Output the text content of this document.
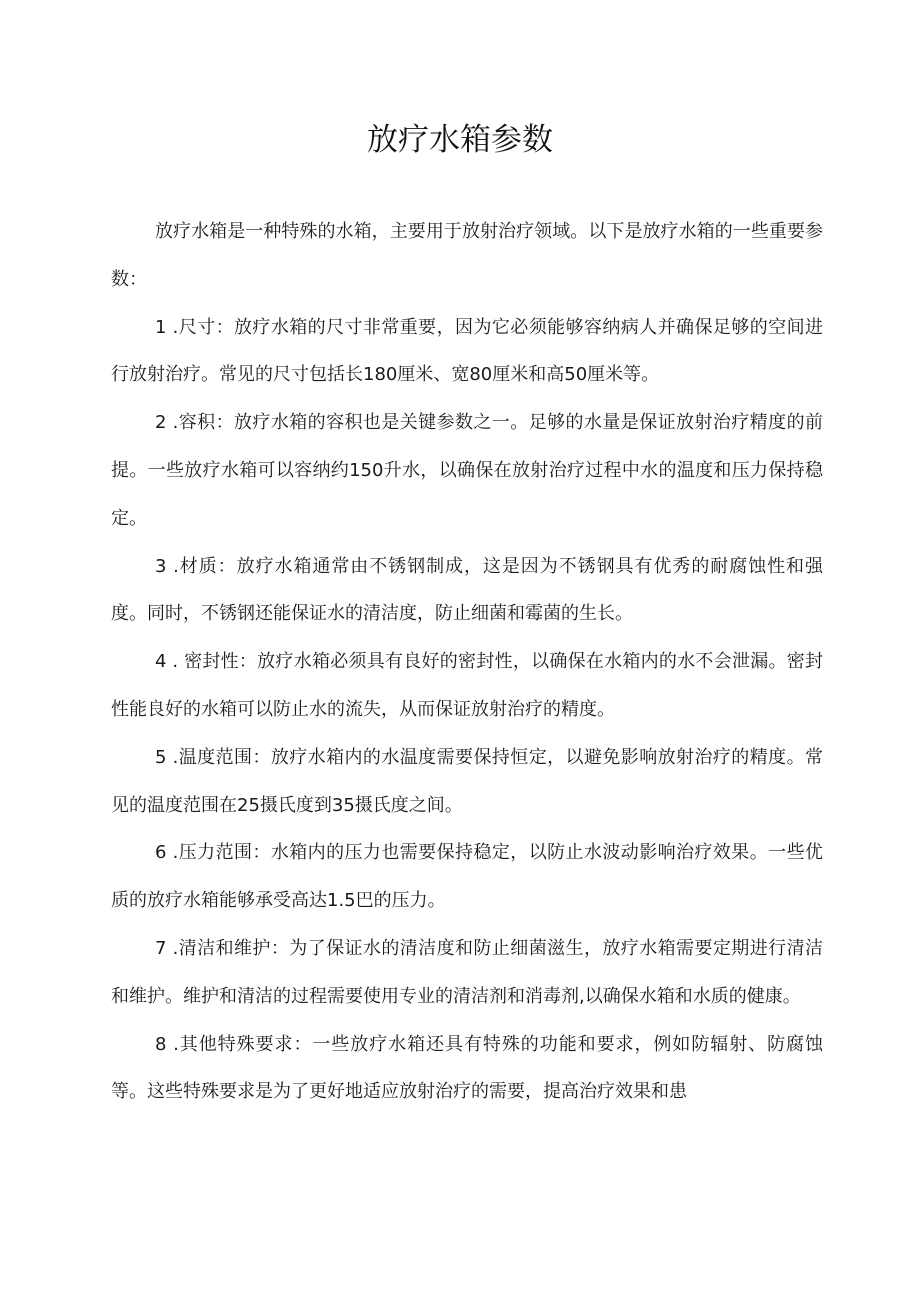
放疗水箱参数

放疗水箱是一种特殊的水箱，主要用于放射治疗领域。以下是放疗水箱的一些重要参数：

1 .尺寸：放疗水箱的尺寸非常重要，因为它必须能够容纳病人并确保足够的空间进行放射治疗。常见的尺寸包括长180厘米、宽80厘米和高50厘米等。

2 .容积：放疗水箱的容积也是关键参数之一。足够的水量是保证放射治疗精度的前提。一些放疗水箱可以容纳约150升水，以确保在放射治疗过程中水的温度和压力保持稳定。

3 .材质：放疗水箱通常由不锈钢制成，这是因为不锈钢具有优秀的耐腐蚀性和强度。同时，不锈钢还能保证水的清洁度，防止细菌和霉菌的生长。

4 . 密封性：放疗水箱必须具有良好的密封性，以确保在水箱内的水不会泄漏。密封性能良好的水箱可以防止水的流失，从而保证放射治疗的精度。

5 .温度范围：放疗水箱内的水温度需要保持恒定，以避免影响放射治疗的精度。常见的温度范围在25摄氏度到35摄氏度之间。

6 .压力范围：水箱内的压力也需要保持稳定，以防止水波动影响治疗效果。一些优质的放疗水箱能够承受高达1.5巴的压力。

7 .清洁和维护：为了保证水的清洁度和防止细菌滋生，放疗水箱需要定期进行清洁和维护。维护和清洁的过程需要使用专业的清洁剂和消毒剂,以确保水箱和水质的健康。

8 .其他特殊要求：一些放疗水箱还具有特殊的功能和要求，例如防辐射、防腐蚀等。这些特殊要求是为了更好地适应放射治疗的需要，提高治疗效果和患
